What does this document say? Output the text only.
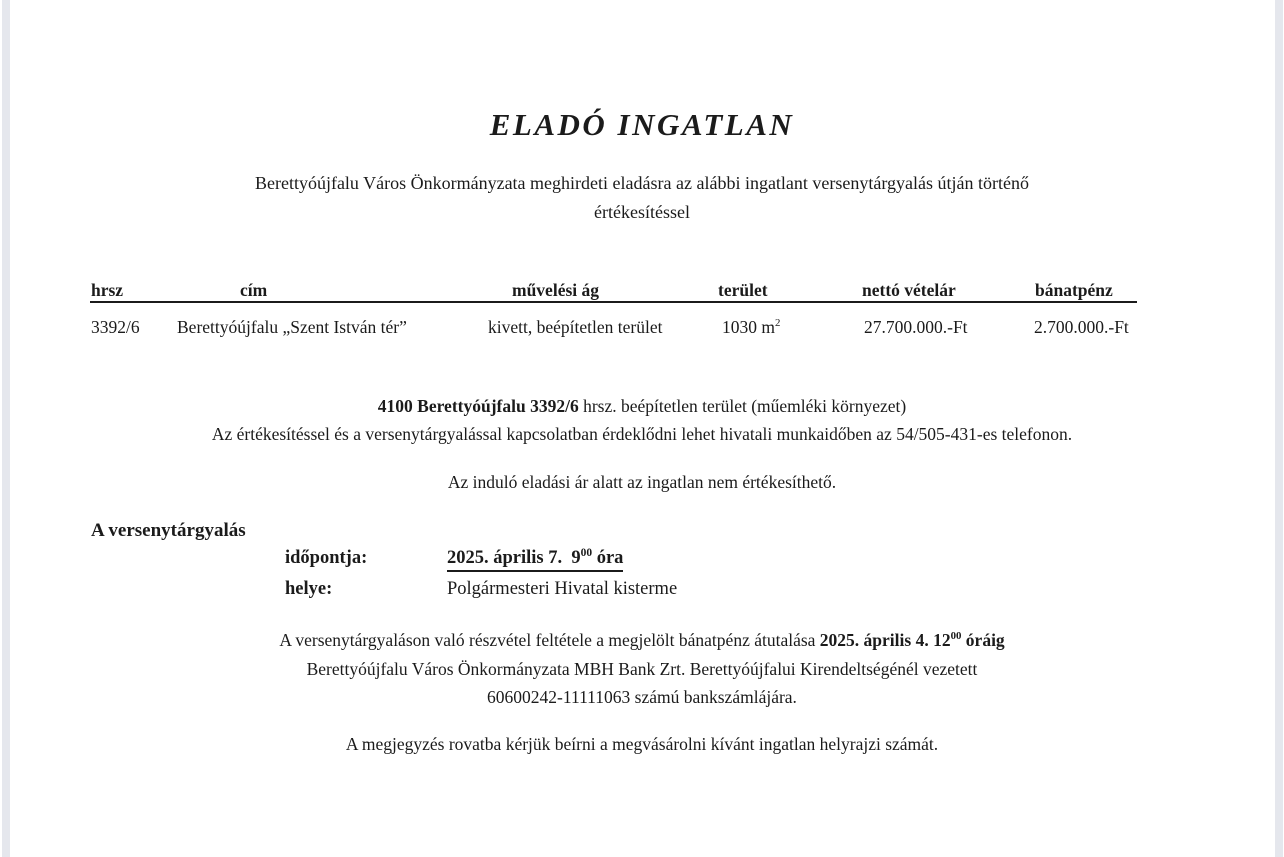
ELADÓ INGATLAN
Berettyóújfalu Város Önkormányzata meghirdeti eladásra az alábbi ingatlant versenytárgyalás útján történő
értékesítéssel
hrsz	cím	művelési ág	terület	nettó vételár	bánatpénz
3392/6 Berettyóújfalu „Szent István tér”	kivett, beépítetlen terület	1030 $m^2$	27.700.000.-Ft	2.700.000.-Ft
4100 Berettyóújfalu 3392/6 hrsz. beépítetlen terület (műemléki környezet)
Az értékesítéssel és a versenytárgyalással kapcsolatban érdeklődni lehet hivatali munkaidőben az 54/505-431-es telefonon.
Az induló eladási ár alatt az ingatlan nem értékesíthető.
A versenytárgyalás
időpontja:	2025. április 7.  $9^{00}$ óra
helye:	Polgármesteri Hivatal kisterme
A versenytárgyaláson való részvétel feltétele a megjelölt bánatpénz átutalása 2025. április 4. $12^{00}$ óráig
Berettyóújfalu Város Önkormányzata MBH Bank Zrt. Berettyóújfalui Kirendeltségénél vezetett
60600242-11111063 számú bankszámlájára.
A megjegyzés rovatba kérjük beírni a megvásárolni kívánt ingatlan helyrajzi számát.
